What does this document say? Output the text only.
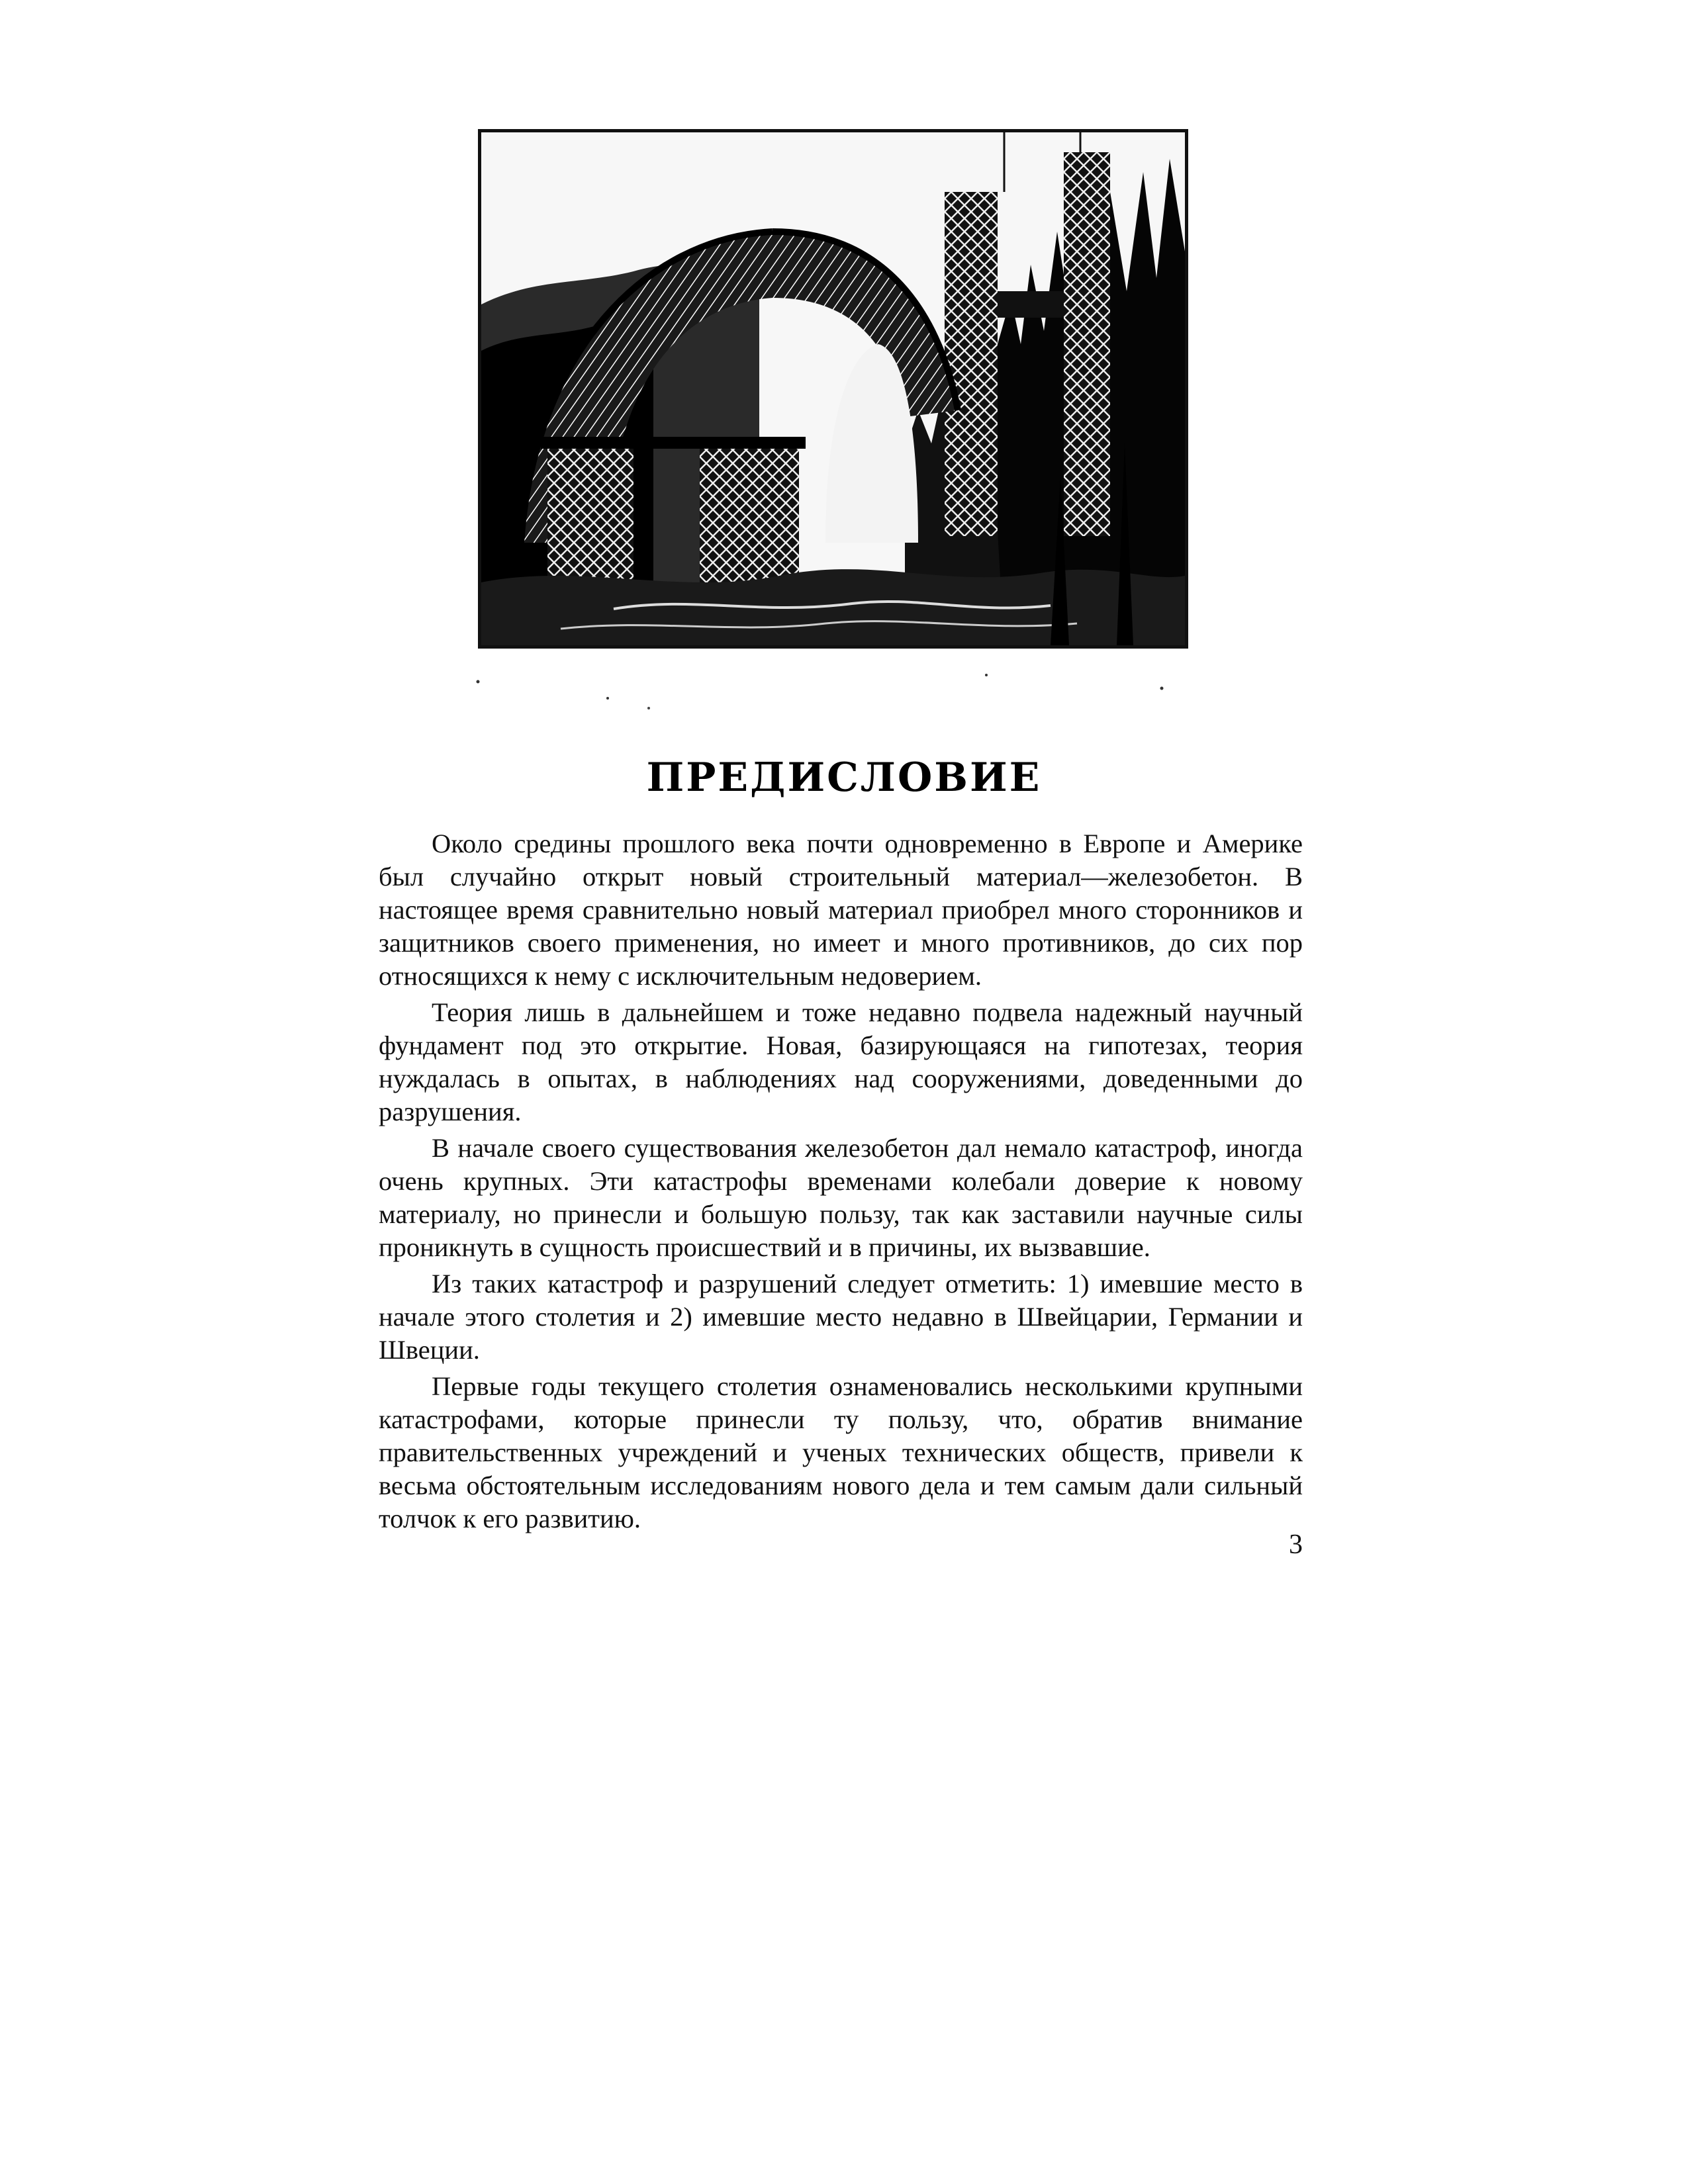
ПРЕДИСЛОВИЕ

Около средины прошлого века почти одновременно в Европе и Америке был случайно открыт новый строительный материал—железобетон. В настоящее время сравнительно новый материал приобрел много сторонников и защитников своего применения, но имеет и много противников, до сих пор относящихся к нему с исключительным недоверием.

Теория лишь в дальнейшем и тоже недавно подвела надежный научный фундамент под это открытие. Новая, базирующаяся на гипотезах, теория нуждалась в опытах, в наблюдениях над сооружениями, доведенными до разрушения.

В начале своего существования железобетон дал немало катастроф, иногда очень крупных. Эти катастрофы временами колебали доверие к новому материалу, но принесли и большую пользу, так как заставили научные силы проникнуть в сущность происшествий и в причины, их вызвавшие.

Из таких катастроф и разрушений следует отметить: 1) имевшие место в начале этого столетия и 2) имевшие место недавно в Швейцарии, Германии и Швеции.

Первые годы текущего столетия ознаменовались несколькими крупными катастрофами, которые принесли ту пользу, что, обратив внимание правительственных учреждений и ученых технических обществ, привели к весьма обстоятельным исследованиям нового дела и тем самым дали сильный толчок к его развитию.

3
